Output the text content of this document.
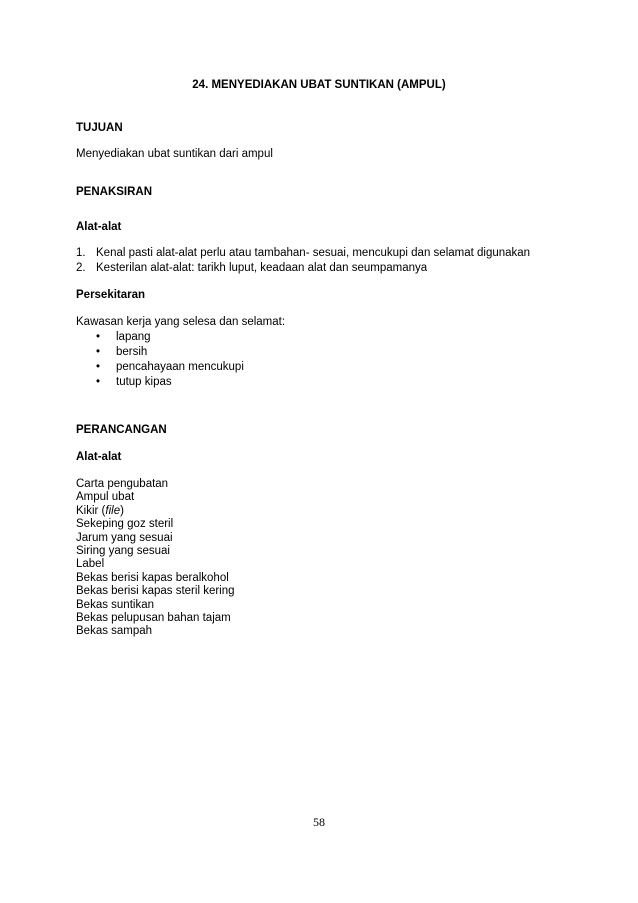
24. MENYEDIAKAN UBAT SUNTIKAN (AMPUL)
TUJUAN
Menyediakan ubat suntikan dari ampul
PENAKSIRAN
Alat-alat
1. Kenal pasti alat-alat perlu atau tambahan- sesuai, mencukupi dan selamat digunakan
2. Kesterilan alat-alat: tarikh luput, keadaan alat dan seumpamanya
Persekitaran
Kawasan kerja yang selesa dan selamat:
•	lapang
•	bersih
•	pencahayaan mencukupi
•	tutup kipas
PERANCANGAN
Alat-alat
Carta pengubatan
Ampul ubat
Kikir (file)
Sekeping goz steril
Jarum yang sesuai
Siring yang sesuai
Label
Bekas berisi kapas beralkohol
Bekas berisi kapas steril kering
Bekas suntikan
Bekas pelupusan bahan tajam
Bekas sampah
58
